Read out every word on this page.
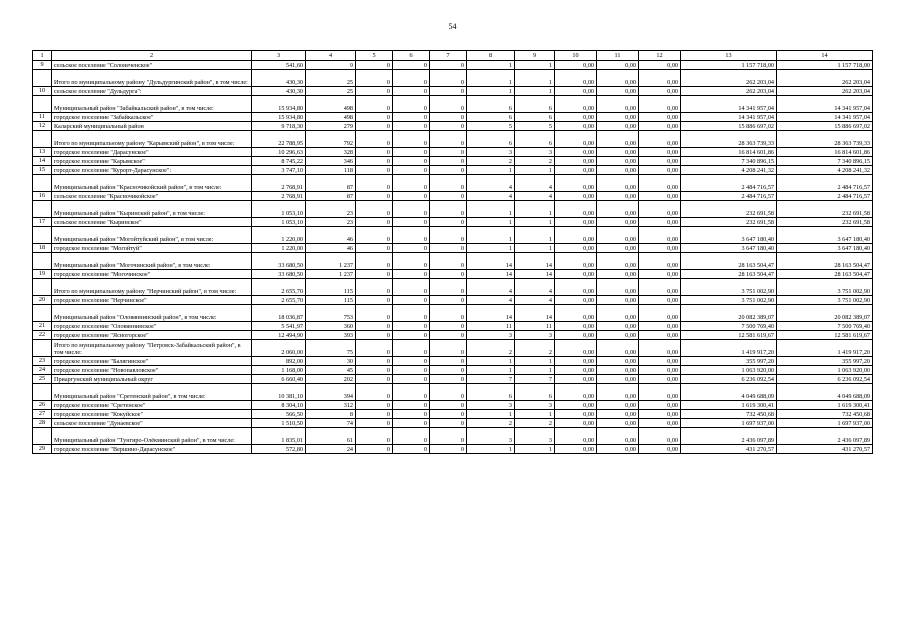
54
1	2	3	4	5	6	7	8	9	10	11	12	13	14
9	сельское поселение "Солонеченское"	541,60	9	0	0	0	1	1	0,00	0,00	0,00	1 157 718,00	1 157 718,00
	Итого по муниципальному району "Дульдургинский район", в том числе:	430,30	25	0	0	0	1	1	0,00	0,00	0,00	262 203,04	262 203,04
10	сельское поселение "Дульдурга":	430,30	25	0	0	0	1	1	0,00	0,00	0,00	262 203,04	262 203,04
	Муниципальный район "Забайкальский район", в том числе:	15 934,80	498	0	0	0	6	6	0,00	0,00	0,00	14 341 957,04	14 341 957,04
11	городское поселение "Забайкальское"	15 934,80	498	0	0	0	6	6	0,00	0,00	0,00	14 341 957,04	14 341 957,04
12	Каларский муниципальный район	9 718,30	279	0	0	0	5	5	0,00	0,00	0,00	15 886 697,02	15 886 697,02
	Итого по муниципальному району "Карымский район", в том числе:	22 788,95	792	0	0	0	6	6	0,00	0,00	0,00	28 363 739,33	28 363 739,33
13	городское поселение "Дарасунское"	10 296,63	328	0	0	0	3	3	0,00	0,00	0,00	16 814 601,86	16 814 601,86
14	городское поселение "Карымское"	8 745,22	346	0	0	0	2	2	0,00	0,00	0,00	7 340 896,15	7 340 896,15
15	городское поселение "Курорт-Дарасунское":	3 747,10	118	0	0	0	1	1	0,00	0,00	0,00	4 208 241,32	4 208 241,32
	Муниципальный район "Красночикойский район", в том числе:	2 768,91	87	0	0	0	4	4	0,00	0,00	0,00	2 484 716,57	2 484 716,57
16	сельское поселение "Красночикойское"	2 768,91	87	0	0	0	4	4	0,00	0,00	0,00	2 484 716,57	2 484 716,57
	Муниципальный район "Кыринский район", в том числе:	1 053,10	23	0	0	0	1	1	0,00	0,00	0,00	232 691,58	232 691,58
17	сельское поселение "Кыринское"	1 053,10	23	0	0	0	1	1	0,00	0,00	0,00	232 691,58	232 691,58
	Муниципальный район "Могойтуйский район", в том числе:	1 220,00	46	0	0	0	1	1	0,00	0,00	0,00	3 647 180,40	3 647 180,40
18	городское поселение "Могойтуй"	1 220,00	46	0	0	0	1	1	0,00	0,00	0,00	3 647 180,40	3 647 180,40
	Муниципальный район "Могочинский район", в том числе:	33 680,50	1 237	0	0	0	14	14	0,00	0,00	0,00	28 163 504,47	28 163 504,47
19	городское поселение "Могочинское"	33 680,50	1 237	0	0	0	14	14	0,00	0,00	0,00	28 163 504,47	28 163 504,47
	Итого по муниципальному району "Нерчинский район", в том числе:	2 655,70	115	0	0	0	4	4	0,00	0,00	0,00	3 751 002,90	3 751 002,90
20	городское поселение "Нерчинское"	2 655,70	115	0	0	0	4	4	0,00	0,00	0,00	3 751 002,90	3 751 002,90
	Муниципальный район "Оловяннинский район", в том числе:	18 036,87	753	0	0	0	14	14	0,00	0,00	0,00	20 082 389,07	20 082 389,07
21	городское поселение "Оловяннинское"	5 541,97	360	0	0	0	11	11	0,00	0,00	0,00	7 500 769,40	7 500 769,40
22	городское поселение "Ясногорское"	12 494,90	393	0	0	0	3	3	0,00	0,00	0,00	12 581 619,67	12 581 619,67
	Итого по муниципальному району "Петровск-Забайкальский район", в том числе:	2 060,00	75	0	0	0	2	2	0,00	0,00	0,00	1 419 917,20	1 419 917,20
23	городское поселение "Балягинское"	892,00	30	0	0	0	1	1	0,00	0,00	0,00	355 997,20	355 997,20
24	городское поселение "Новопавловское"	1 168,00	45	0	0	0	1	1	0,00	0,00	0,00	1 063 920,00	1 063 920,00
25	Приаргунский муниципальный округ	6 660,40	202	0	0	0	7	7	0,00	0,00	0,00	6 236 092,54	6 236 092,54
	Муниципальный район "Сретенский район", в том числе:	10 381,10	394	0	0	0	6	6	0,00	0,00	0,00	4 049 688,09	4 049 688,09
26	городское поселение "Сретенское"	8 304,10	312	0	0	0	3	3	0,00	0,00	0,00	1 619 300,41	1 619 300,41
27	городское поселение "Кокуйское"	566,50	8	0	0	0	1	1	0,00	0,00	0,00	732 450,68	732 450,68
28	сельское поселение "Дунаевское"	1 510,50	74	0	0	0	2	2	0,00	0,00	0,00	1 697 937,00	1 697 937,00
	Муниципальный район "Тунгиро-Олёкминский район", в том числе:	1 835,01	61	0	0	0	3	3	0,00	0,00	0,00	2 436 097,89	2 436 097,89
29	городское поселение "Вершино-Дарасунское"	572,80	24	0	0	0	1	1	0,00	0,00	0,00	431 270,57	431 270,57
